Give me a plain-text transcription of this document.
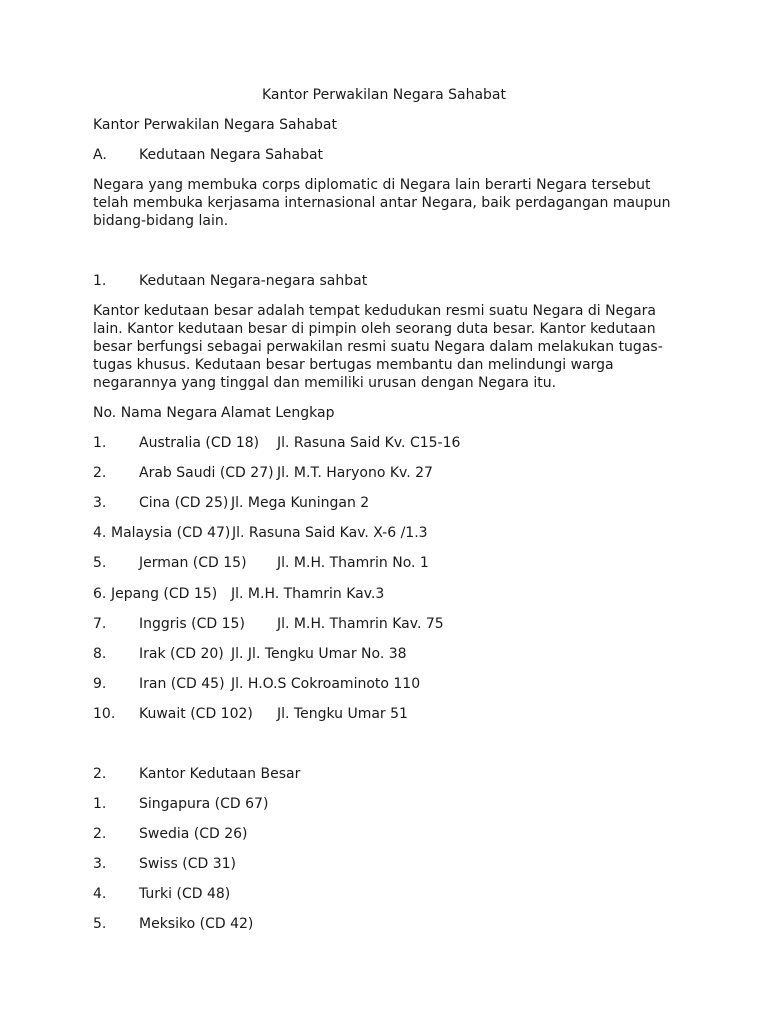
Kantor Perwakilan Negara Sahabat

Kantor Perwakilan Negara Sahabat

A. Kedutaan Negara Sahabat

Negara yang membuka corps diplomatic di Negara lain berarti Negara tersebut telah membuka kerjasama internasional antar Negara, baik perdagangan maupun bidang-bidang lain.

1. Kedutaan Negara-negara sahbat

Kantor kedutaan besar adalah tempat kedudukan resmi suatu Negara di Negara lain. Kantor kedutaan besar di pimpin oleh seorang duta besar. Kantor kedutaan besar berfungsi sebagai perwakilan resmi suatu Negara dalam melakukan tugas-tugas khusus. Kedutaan besar bertugas membantu dan melindungi warga negarannya yang tinggal dan memiliki urusan dengan Negara itu.

No. Nama Negara	Alamat Lengkap

1. Australia (CD 18) Jl. Rasuna Said Kv. C15-16
2. Arab Saudi (CD 27) Jl. M.T. Haryono Kv. 27
3. Cina (CD 25) Jl. Mega Kuningan 2
4. Malaysia (CD 47) Jl. Rasuna Said Kav. X-6 /1.3
5. Jerman (CD 15) Jl. M.H. Thamrin No. 1
6. Jepang (CD 15) Jl. M.H. Thamrin Kav.3
7. Inggris (CD 15) Jl. M.H. Thamrin Kav. 75
8. Irak (CD 20) Jl. Jl. Tengku Umar No. 38
9. Iran (CD 45) Jl. H.O.S Cokroaminoto 110
10. Kuwait (CD 102) Jl. Tengku Umar 51
2. Kantor Kedutaan Besar
1. Singapura (CD 67)
2. Swedia (CD 26)
3. Swiss (CD 31)
4. Turki (CD 48)
5. Meksiko (CD 42)
